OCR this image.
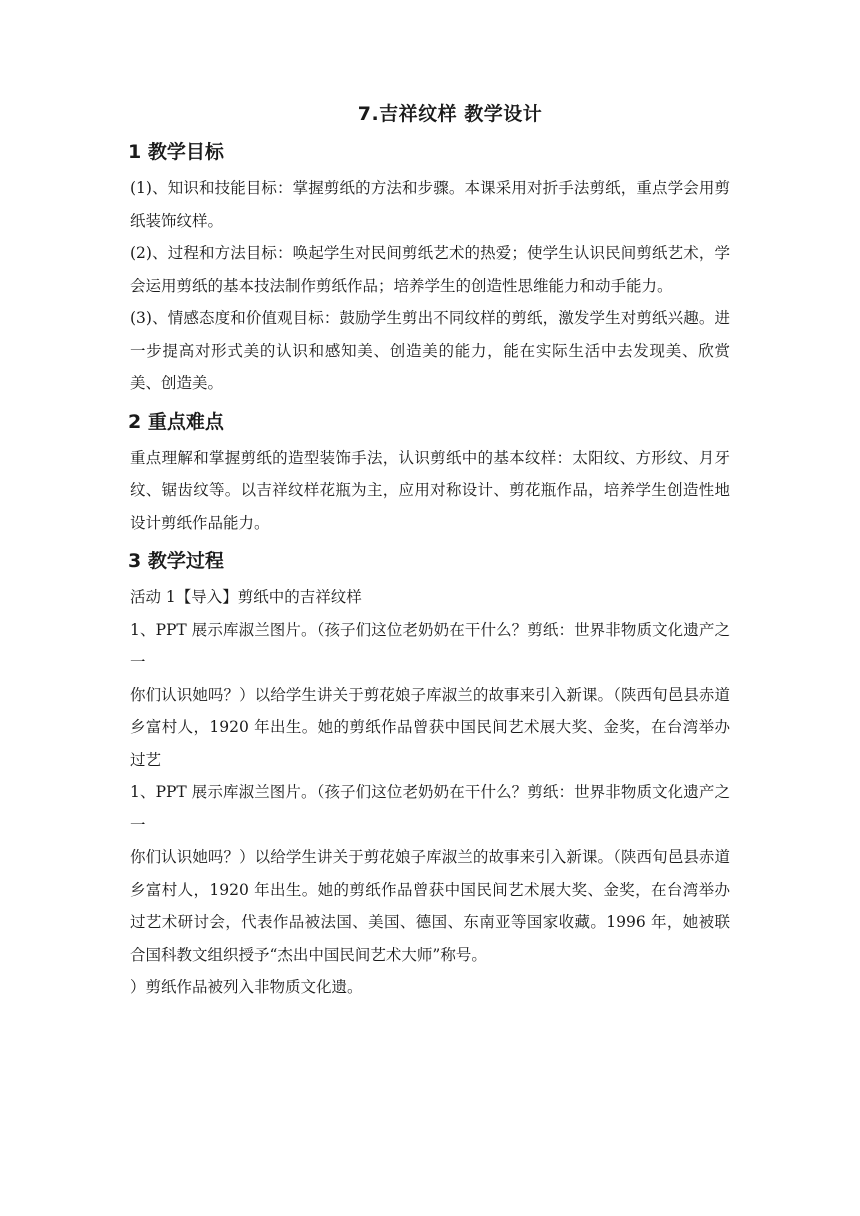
7.吉祥纹样 教学设计
1 教学目标

(1)、知识和技能目标：掌握剪纸的方法和步骤。本课采用对折手法剪纸，重点学会用剪纸装饰纹样。

(2)、过程和方法目标：唤起学生对民间剪纸艺术的热爱；使学生认识民间剪纸艺术，学会运用剪纸的基本技法制作剪纸作品；培养学生的创造性思维能力和动手能力。

(3)、情感态度和价值观目标：鼓励学生剪出不同纹样的剪纸，激发学生对剪纸兴趣。进一步提高对形式美的认识和感知美、创造美的能力，能在实际生活中去发现美、欣赏美、创造美。

2 重点难点

重点理解和掌握剪纸的造型装饰手法，认识剪纸中的基本纹样：太阳纹、方形纹、月牙纹、锯齿纹等。以吉祥纹样花瓶为主，应用对称设计、剪花瓶作品，培养学生创造性地设计剪纸作品能力。

3 教学过程

活动 1【导入】剪纸中的吉祥纹样

1、PPT 展示库淑兰图片。（孩子们这位老奶奶在干什么？剪纸：世界非物质文化遗产之一

你们认识她吗？）以给学生讲关于剪花娘子库淑兰的故事来引入新课。（陕西旬邑县赤道乡富村人，1920 年出生。她的剪纸作品曾获中国民间艺术展大奖、金奖，在台湾举办过艺

1、PPT 展示库淑兰图片。（孩子们这位老奶奶在干什么？剪纸：世界非物质文化遗产之一

你们认识她吗？）以给学生讲关于剪花娘子库淑兰的故事来引入新课。（陕西旬邑县赤道乡富村人，1920 年出生。她的剪纸作品曾获中国民间艺术展大奖、金奖，在台湾举办过艺术研讨会，代表作品被法国、美国、德国、东南亚等国家收藏。1996 年，她被联合国科教文组织授予“杰出中国民间艺术大师”称号。

）剪纸作品被列入非物质文化遗。
